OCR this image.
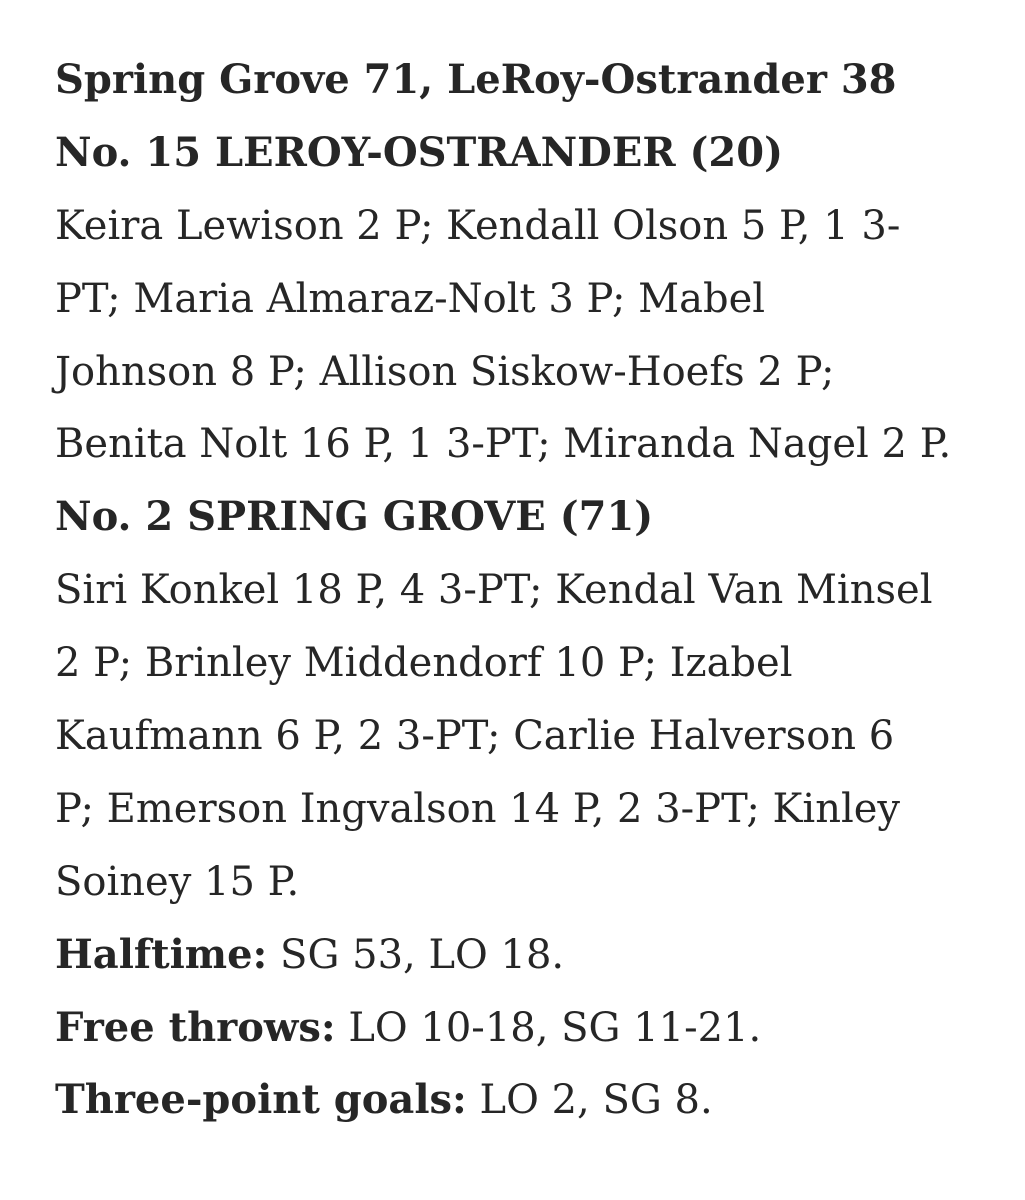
Spring Grove 71, LeRoy-Ostrander 38
No. 15 LEROY-OSTRANDER (20)
Keira Lewison 2 P; Kendall Olson 5 P, 1 3-
PT; Maria Almaraz-Nolt 3 P; Mabel
Johnson 8 P; Allison Siskow-Hoefs 2 P;
Benita Nolt 16 P, 1 3-PT; Miranda Nagel 2 P.
No. 2 SPRING GROVE (71)
Siri Konkel 18 P, 4 3-PT; Kendal Van Minsel
2 P; Brinley Middendorf 10 P; Izabel
Kaufmann 6 P, 2 3-PT; Carlie Halverson 6
P; Emerson Ingvalson 14 P, 2 3-PT; Kinley
Soiney 15 P.
Halftime: SG 53, LO 18.
Free throws: LO 10-18, SG 11-21.
Three-point goals: LO 2, SG 8.
